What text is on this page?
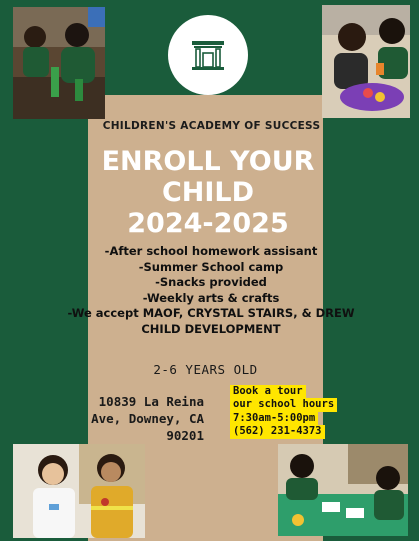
CHILDREN'S ACADEMY OF SUCCESS
ENROLL YOUR
CHILD
2024-2025
-After school homework assisant
-Summer School camp
-Snacks provided
-Weekly arts & crafts
-We accept MAOF, CRYSTAL STAIRS, & DREW
CHILD DEVELOPMENT
2-6 YEARS OLD
10839 La Reina
Ave, Downey, CA
90201
Book a tour
our school hours
7:30am-5:00pm
(562) 231-4373
